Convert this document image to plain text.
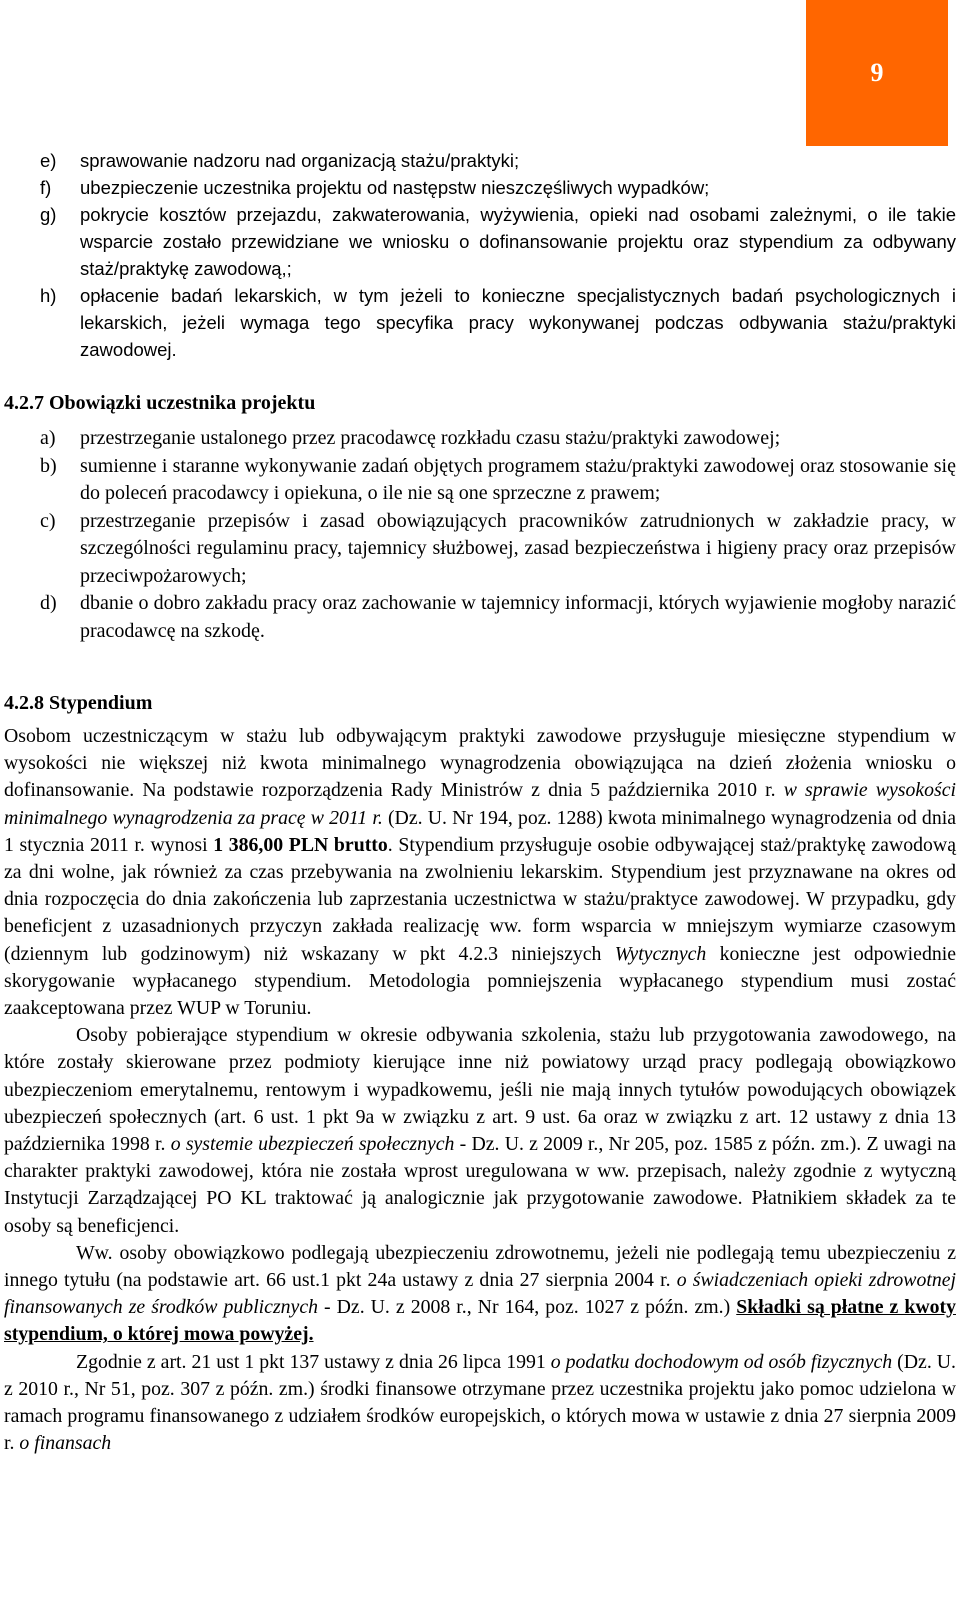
9
e)	sprawowanie nadzoru nad organizacją stażu/praktyki;
f)	ubezpieczenie uczestnika projektu od następstw nieszczęśliwych wypadków;
g)	pokrycie kosztów przejazdu, zakwaterowania, wyżywienia, opieki nad osobami zależnymi, o ile takie wsparcie zostało przewidziane we wniosku o dofinansowanie projektu oraz stypendium za odbywany staż/praktykę zawodową,;
h)	opłacenie badań lekarskich, w tym jeżeli to konieczne specjalistycznych badań psychologicznych i lekarskich, jeżeli wymaga tego specyfika pracy wykonywanej podczas odbywania stażu/praktyki zawodowej.
4.2.7 Obowiązki uczestnika projektu
a)	przestrzeganie ustalonego przez pracodawcę rozkładu czasu stażu/praktyki zawodowej;
b)	sumienne i staranne wykonywanie zadań objętych programem stażu/praktyki zawodowej oraz stosowanie się do poleceń pracodawcy i opiekuna, o ile nie są one sprzeczne z prawem;
c)	przestrzeganie przepisów i zasad obowiązujących pracowników zatrudnionych w zakładzie pracy, w szczególności regulaminu pracy, tajemnicy służbowej, zasad bezpieczeństwa i higieny pracy oraz przepisów przeciwpożarowych;
d)	dbanie o dobro zakładu pracy oraz zachowanie w tajemnicy informacji, których wyjawienie mogłoby narazić pracodawcę na szkodę.
4.2.8 Stypendium

Osobom uczestniczącym w stażu lub odbywającym praktyki zawodowe przysługuje miesięczne stypendium w wysokości nie większej niż kwota minimalnego wynagrodzenia obowiązująca na dzień złożenia wniosku o dofinansowanie. Na podstawie rozporządzenia Rady Ministrów z dnia 5 października 2010 r. w sprawie wysokości minimalnego wynagrodzenia za pracę w 2011 r. (Dz. U. Nr 194, poz. 1288) kwota minimalnego wynagrodzenia od dnia 1 stycznia 2011 r. wynosi 1 386,00 PLN brutto. Stypendium przysługuje osobie odbywającej staż/praktykę zawodową za dni wolne, jak również za czas przebywania na zwolnieniu lekarskim. Stypendium jest przyznawane na okres od dnia rozpoczęcia do dnia zakończenia lub zaprzestania uczestnictwa w stażu/praktyce zawodowej. W przypadku, gdy beneficjent z uzasadnionych przyczyn zakłada realizację ww. form wsparcia w mniejszym wymiarze czasowym (dziennym lub godzinowym) niż wskazany w pkt 4.2.3 niniejszych Wytycznych konieczne jest odpowiednie skorygowanie wypłacanego stypendium. Metodologia pomniejszenia wypłacanego stypendium musi zostać zaakceptowana przez WUP w Toruniu.

Osoby pobierające stypendium w okresie odbywania szkolenia, stażu lub przygotowania zawodowego, na które zostały skierowane przez podmioty kierujące inne niż powiatowy urząd pracy podlegają obowiązkowo ubezpieczeniom emerytalnemu, rentowym i wypadkowemu, jeśli nie mają innych tytułów powodujących obowiązek ubezpieczeń społecznych (art. 6 ust. 1 pkt 9a w związku z art. 9 ust. 6a oraz w związku z art. 12 ustawy z dnia 13 października 1998 r. o systemie ubezpieczeń społecznych - Dz. U. z 2009 r., Nr 205, poz. 1585 z późn. zm.). Z uwagi na charakter praktyki zawodowej, która nie została wprost uregulowana w ww. przepisach, należy zgodnie z wytyczną Instytucji Zarządzającej PO KL traktować ją analogicznie jak przygotowanie zawodowe. Płatnikiem składek za te osoby są beneficjenci.

Ww. osoby obowiązkowo podlegają ubezpieczeniu zdrowotnemu, jeżeli nie podlegają temu ubezpieczeniu z innego tytułu (na podstawie art. 66 ust.1 pkt 24a ustawy z dnia 27 sierpnia 2004 r. o świadczeniach opieki zdrowotnej finansowanych ze środków publicznych - Dz. U. z 2008 r., Nr 164, poz. 1027 z późn. zm.) Składki są płatne z kwoty stypendium, o której mowa powyżej.

Zgodnie z art. 21 ust 1 pkt 137 ustawy z dnia 26 lipca 1991 o podatku dochodowym od osób fizycznych (Dz. U. z 2010 r., Nr 51, poz. 307 z późn. zm.) środki finansowe otrzymane przez uczestnika projektu jako pomoc udzielona w ramach programu finansowanego z udziałem środków europejskich, o których mowa w ustawie z dnia 27 sierpnia 2009 r. o finansach
